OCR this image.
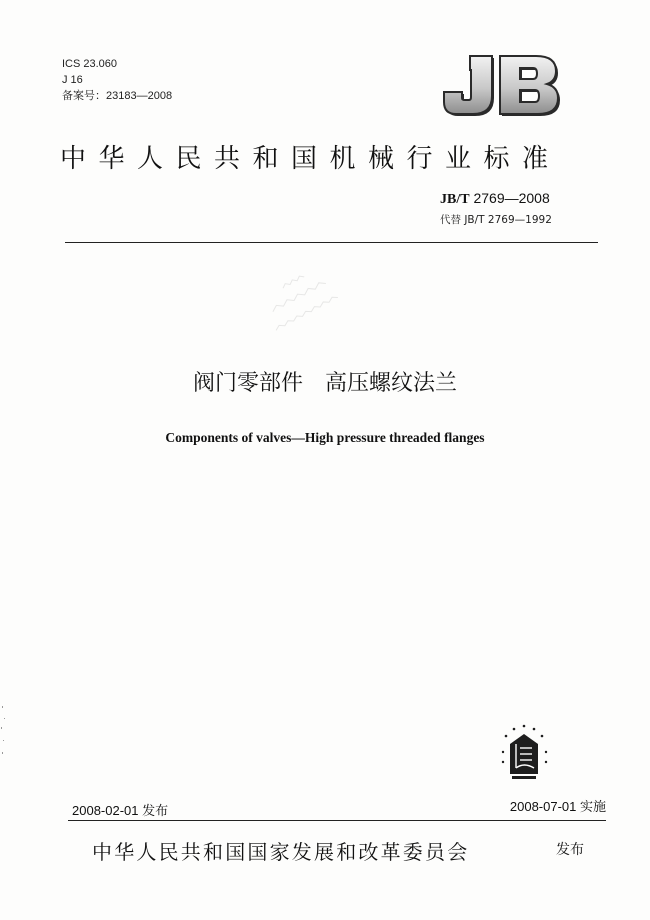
ICS 23.060
J 16
备案号：23183—2008
中华人民共和国机械行业标准
JB/T 2769—2008
代替 JB/T 2769—1992
阀门零部件　高压螺纹法兰
Components of valves—High pressure threaded flanges
2008-02-01 发布	2008-07-01 实施
中华人民共和国国家发展和改革委员会	发布
